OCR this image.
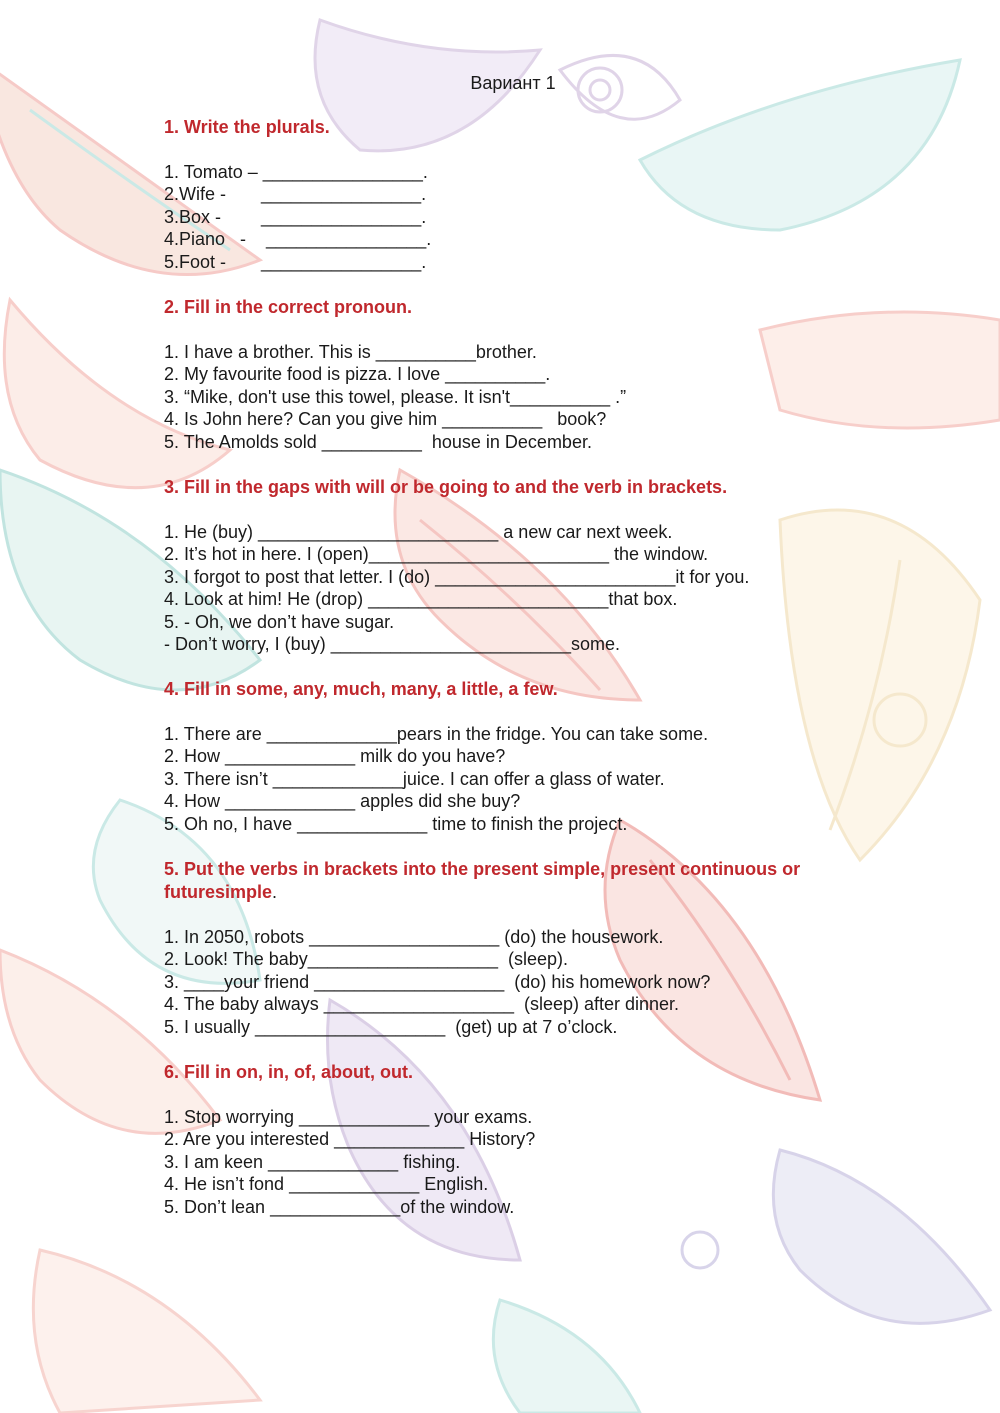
Вариант 1
1. Write the plurals.
1. Tomato – ________________.
2.Wife -       ________________.
3.Box -        ________________.
4.Piano   -    ________________.
5.Foot -       ________________.
2. Fill in the correct pronoun.
1. I have a brother. This is __________brother.
2. My favourite food is pizza. I love __________.
3. “Mike, don't use this towel, please. It isn't__________ .”
4. Is John here? Can you give him __________   book?
5. The Amolds sold __________  house in December.
3. Fill in the gaps with will or be going to and the verb in brackets.
1. He (buy) ________________________ a new car next week.
2. It’s hot in here. I (open)________________________ the window.
3. I forgot to post that letter. I (do) ________________________it for you.
4. Look at him! He (drop) ________________________that box.
5. - Oh, we don’t have sugar.
- Don’t worry, I (buy) ________________________some.
4. Fill in some, any, much, many, a little, a few.
1. There are _____________pears in the fridge. You can take some.
2. How _____________ milk do you have?
3. There isn’t _____________juice. I can offer a glass of water.
4. How _____________ apples did she buy?
5. Oh no, I have _____________ time to finish the project.
5. Put the verbs in brackets into the present simple, present continuous or futuresimple.
1. In 2050, robots ___________________ (do) the housework.
2. Look! The baby___________________  (sleep).
3. ____your friend ___________________  (do) his homework now?
4. The baby always ___________________  (sleep) after dinner.
5. I usually ___________________  (get) up at 7 o’clock.
6. Fill in on, in, of, about, out.
1. Stop worrying _____________ your exams.
2. Are you interested _____________ History?
3. I am keen _____________ fishing.
4. He isn’t fond _____________ English.
5. Don’t lean _____________of the window.
